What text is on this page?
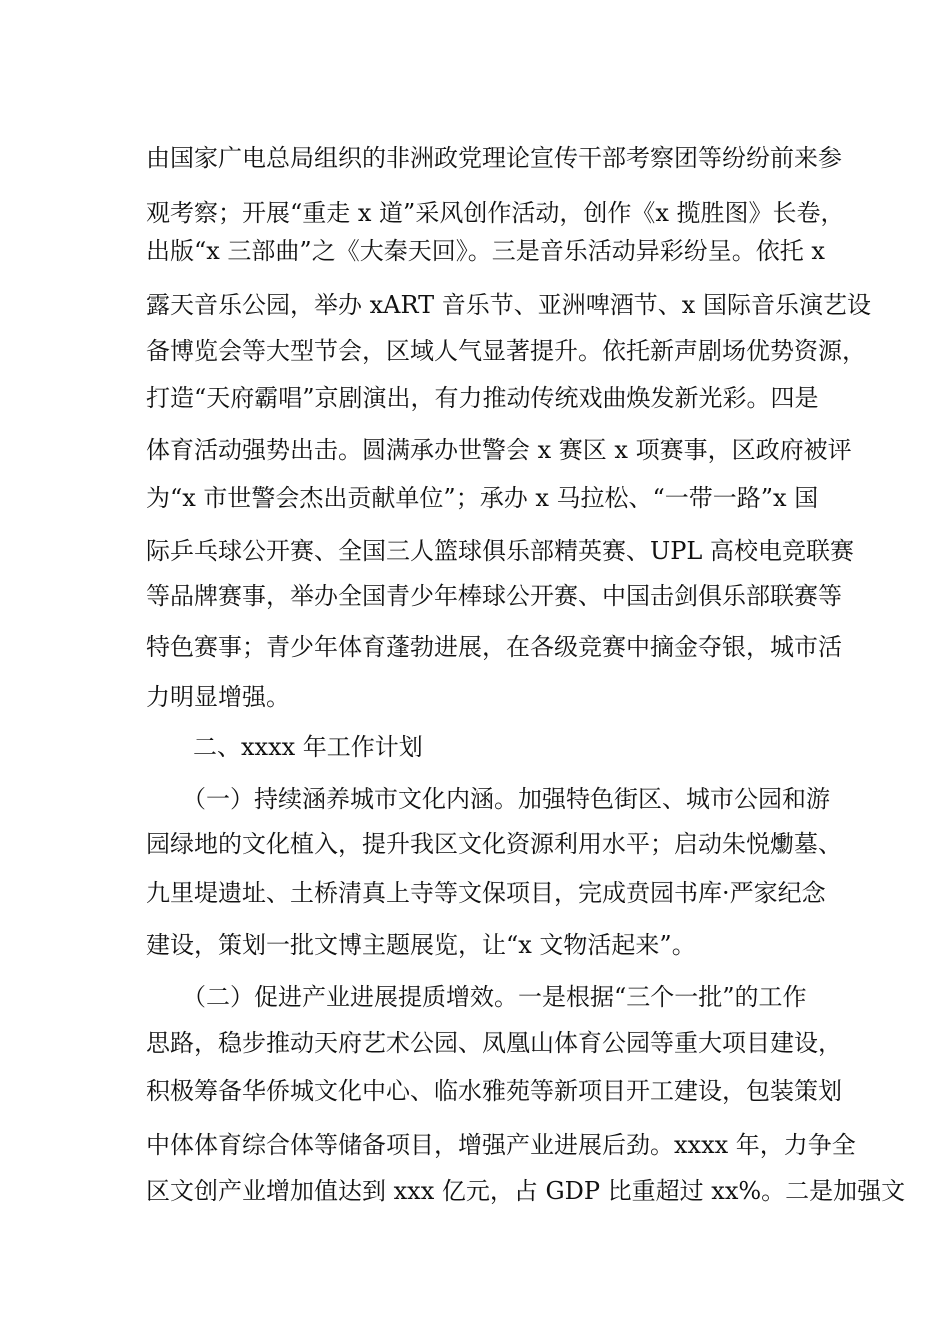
由国家广电总局组织的非洲政党理论宣传干部考察团等纷纷前来参
观考察；开展“重走 x 道”采风创作活动，创作《x 揽胜图》长卷，
出版“x 三部曲”之《大秦天回》。三是音乐活动异彩纷呈。依托 x
露天音乐公园，举办 xART 音乐节、亚洲啤酒节、x 国际音乐演艺设
备博览会等大型节会，区域人气显著提升。依托新声剧场优势资源，
打造“天府霸唱”京剧演出，有力推动传统戏曲焕发新光彩。四是
体育活动强势出击。圆满承办世警会 x 赛区 x 项赛事，区政府被评
为“x 市世警会杰出贡献单位”；承办 x 马拉松、“一带一路”x 国
际乒乓球公开赛、全国三人篮球俱乐部精英赛、UPL 高校电竞联赛
等品牌赛事，举办全国青少年棒球公开赛、中国击剑俱乐部联赛等
特色赛事；青少年体育蓬勃进展，在各级竞赛中摘金夺银，城市活
力明显增强。
二、xxxx 年工作计划
（一）持续涵养城市文化内涵。加强特色街区、城市公园和游
园绿地的文化植入，提升我区文化资源利用水平；启动朱悦爋墓、
九里堤遗址、土桥清真上寺等文保项目，完成贲园书库·严家纪念
建设，策划一批文博主题展览，让“x 文物活起来”。
（二）促进产业进展提质增效。一是根据“三个一批”的工作
思路，稳步推动天府艺术公园、凤凰山体育公园等重大项目建设，
积极筹备华侨城文化中心、临水雅苑等新项目开工建设，包装策划
中体体育综合体等储备项目，增强产业进展后劲。xxxx 年，力争全
区文创产业增加值达到 xxx 亿元，占 GDP 比重超过 xx%。二是加强文
